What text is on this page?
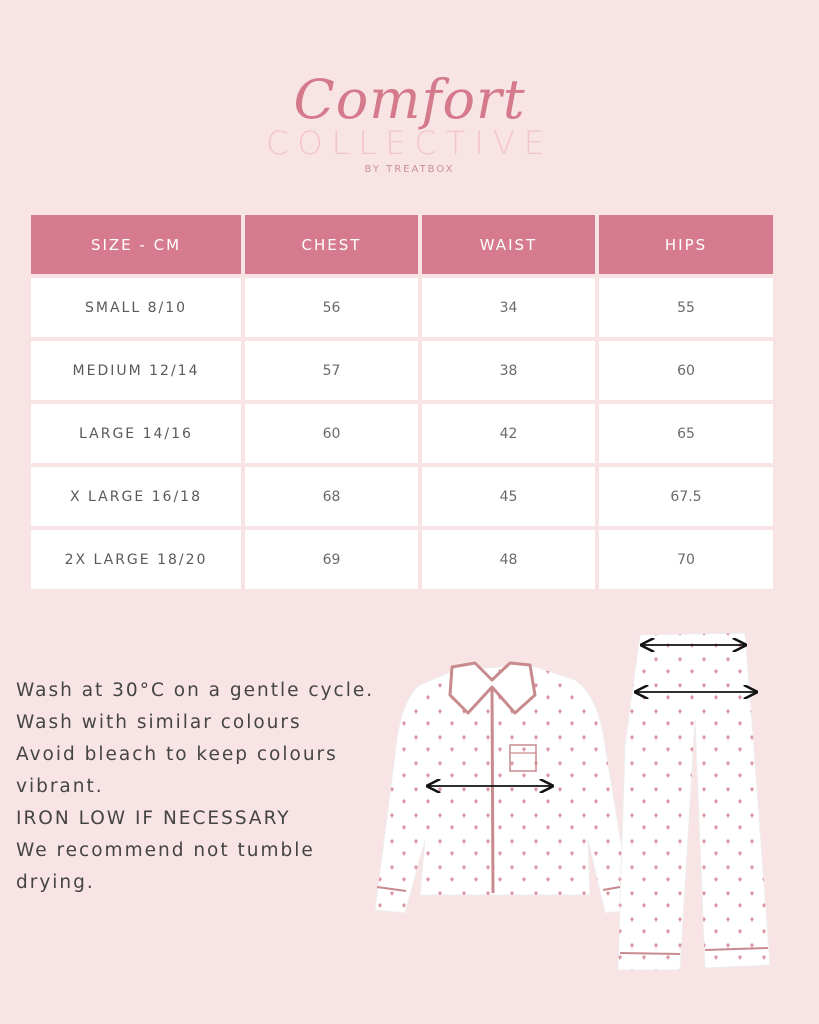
Comfort
COLLECTIVE
BY TREATBOX
SIZE - CM	CHEST	WAIST	HIPS
SMALL 8/10	56	34	55
MEDIUM 12/14	57	38	60
LARGE 14/16	60	42	65
X LARGE 16/18	68	45	67.5
2X LARGE 18/20	69	48	70
Wash at 30°C on a gentle cycle.
Wash with similar colours
Avoid bleach to keep colours
vibrant.
IRON LOW IF NECESSARY
We recommend not tumble
drying.
